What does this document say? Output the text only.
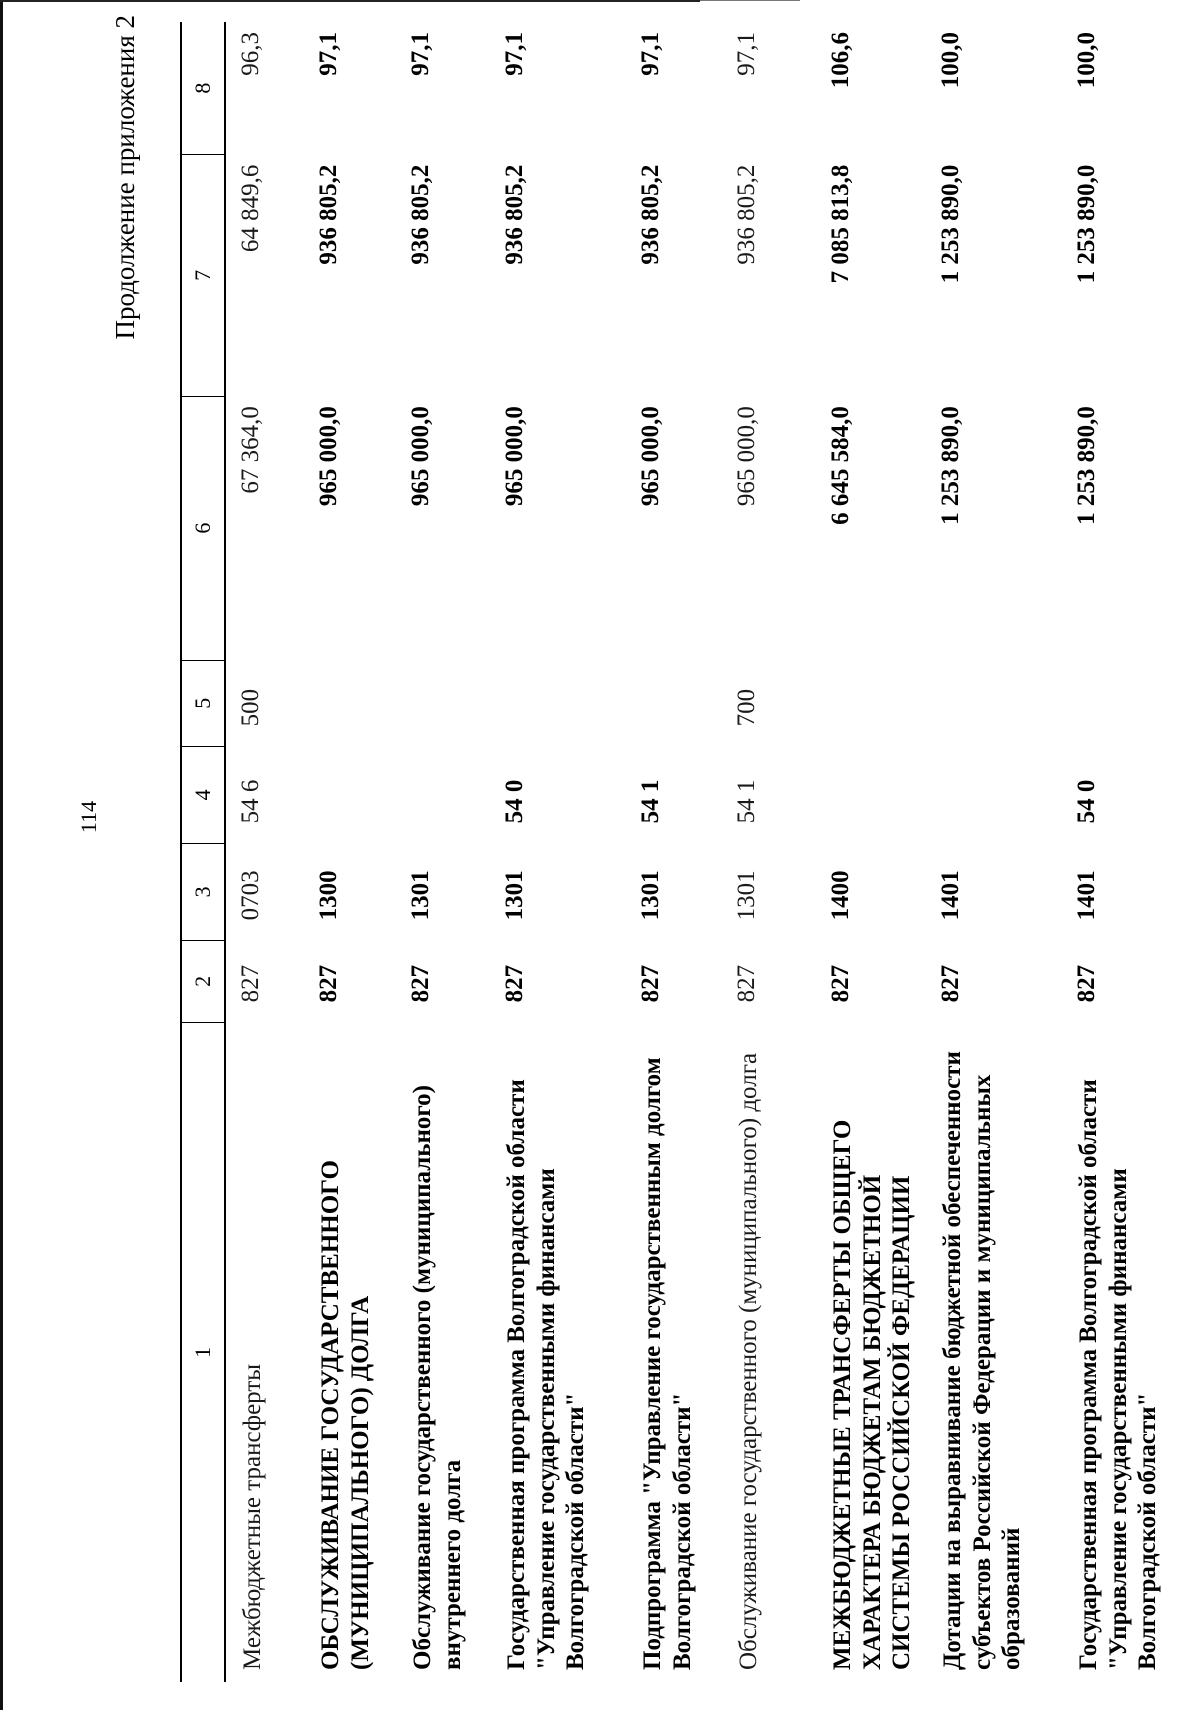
114
Продолжение приложения 2
1	2	3	4	5	6	7	8
Межбюджетные трансферты	827	0703	54 6	500	67 364,0	64 849,6	96,3
ОБСЛУЖИВАНИЕ ГОСУДАРСТВЕННОГО (МУНИЦИПАЛЬНОГО) ДОЛГА	827	1300			965 000,0	936 805,2	97,1
Обслуживание государственного (муниципального) внутреннего долга	827	1301			965 000,0	936 805,2	97,1
Государственная программа Волгоградской области "Управление государственными финансами Волгоградской области"	827	1301	54 0		965 000,0	936 805,2	97,1
Подпрограмма "Управление государственным долгом Волгоградской области"	827	1301	54 1		965 000,0	936 805,2	97,1
Обслуживание государственного (муниципального) долга	827	1301	54 1	700	965 000,0	936 805,2	97,1
МЕЖБЮДЖЕТНЫЕ ТРАНСФЕРТЫ ОБЩЕГО ХАРАКТЕРА БЮДЖЕТАМ БЮДЖЕТНОЙ СИСТЕМЫ РОССИЙСКОЙ ФЕДЕРАЦИИ	827	1400			6 645 584,0	7 085 813,8	106,6
Дотации на выравнивание бюджетной обеспеченности субъектов Российской Федерации и муниципальных образований	827	1401			1 253 890,0	1 253 890,0	100,0
Государственная программа Волгоградской области "Управление государственными финансами Волгоградской области"	827	1401	54 0		1 253 890,0	1 253 890,0	100,0
